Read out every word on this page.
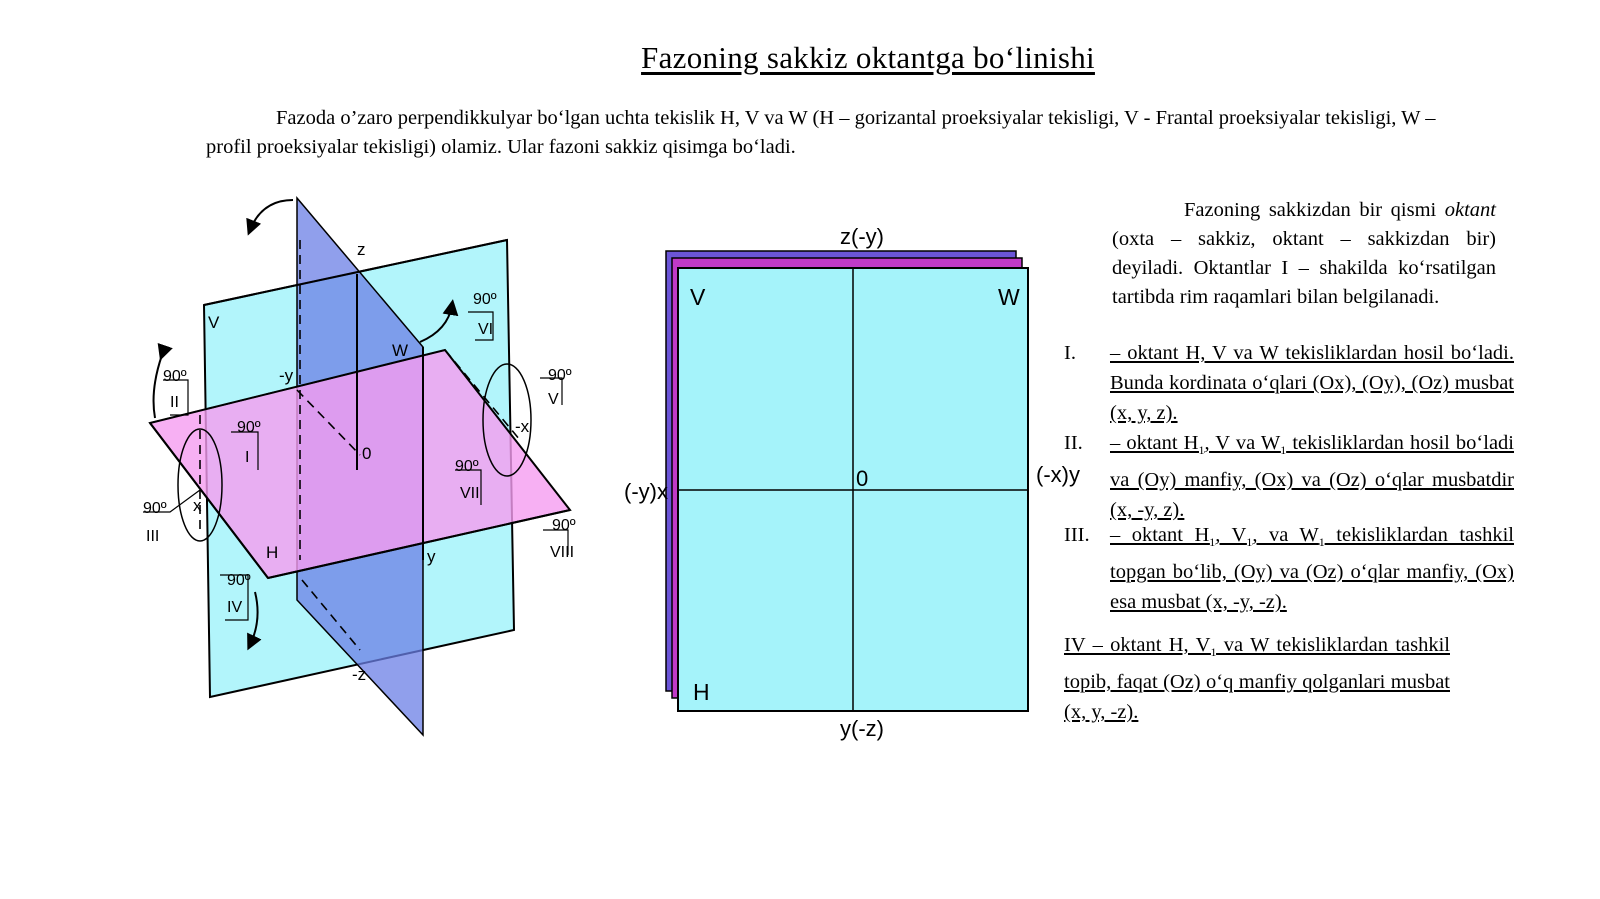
Fazoning sakkiz oktantga bo‘linishi
Fazoda o’zaro perpendikkulyar bo‘lgan uchta tekislik H, V va W (H – gorizantal proeksiyalar tekisligi, V - Frantal proeksiyalar tekisligi, W – profil proeksiyalar tekisligi) olamiz. Ular fazoni sakkiz qisimga bo‘ladi.
z
-z
-y
y
x
-x
0
V
W
H
90º
VI
90º
V
90º
II
90º
I
90º
VII
90º
III
90º
VIII
90º
IV
z(-y)
y(-z)
(-y)x
(-x)y
0
V	W
H

Fazoning sakkizdan bir qismi oktant (oxta – sakkiz, oktant – sakkizdan bir) deyiladi. Oktantlar I – shakilda ko‘rsatilgan tartibda rim raqamlari bilan belgilanadi.

I. – oktant H, V va W tekisliklardan hosil bo‘ladi. Bunda kordinata o‘qlari (Ox), (Oy), (Oz) musbat (x, y, z).
II. – oktant $H_1$, V va $W_1$ tekisliklardan hosil bo‘ladi va (Oy) manfiy, (Ox) va (Oz) o‘qlar musbatdir (x, -y, z).
III. – oktant $H_1$, $V_1$, va $W_1$ tekisliklardan tashkil topgan bo‘lib, (Oy) va (Oz) o‘qlar manfiy, (Ox) esa musbat (x, -y, -z).
IV – oktant H, $V_1$ va W tekisliklardan tashkil topib, faqat (Oz) o‘q manfiy qolganlari musbat (x, y, -z).
